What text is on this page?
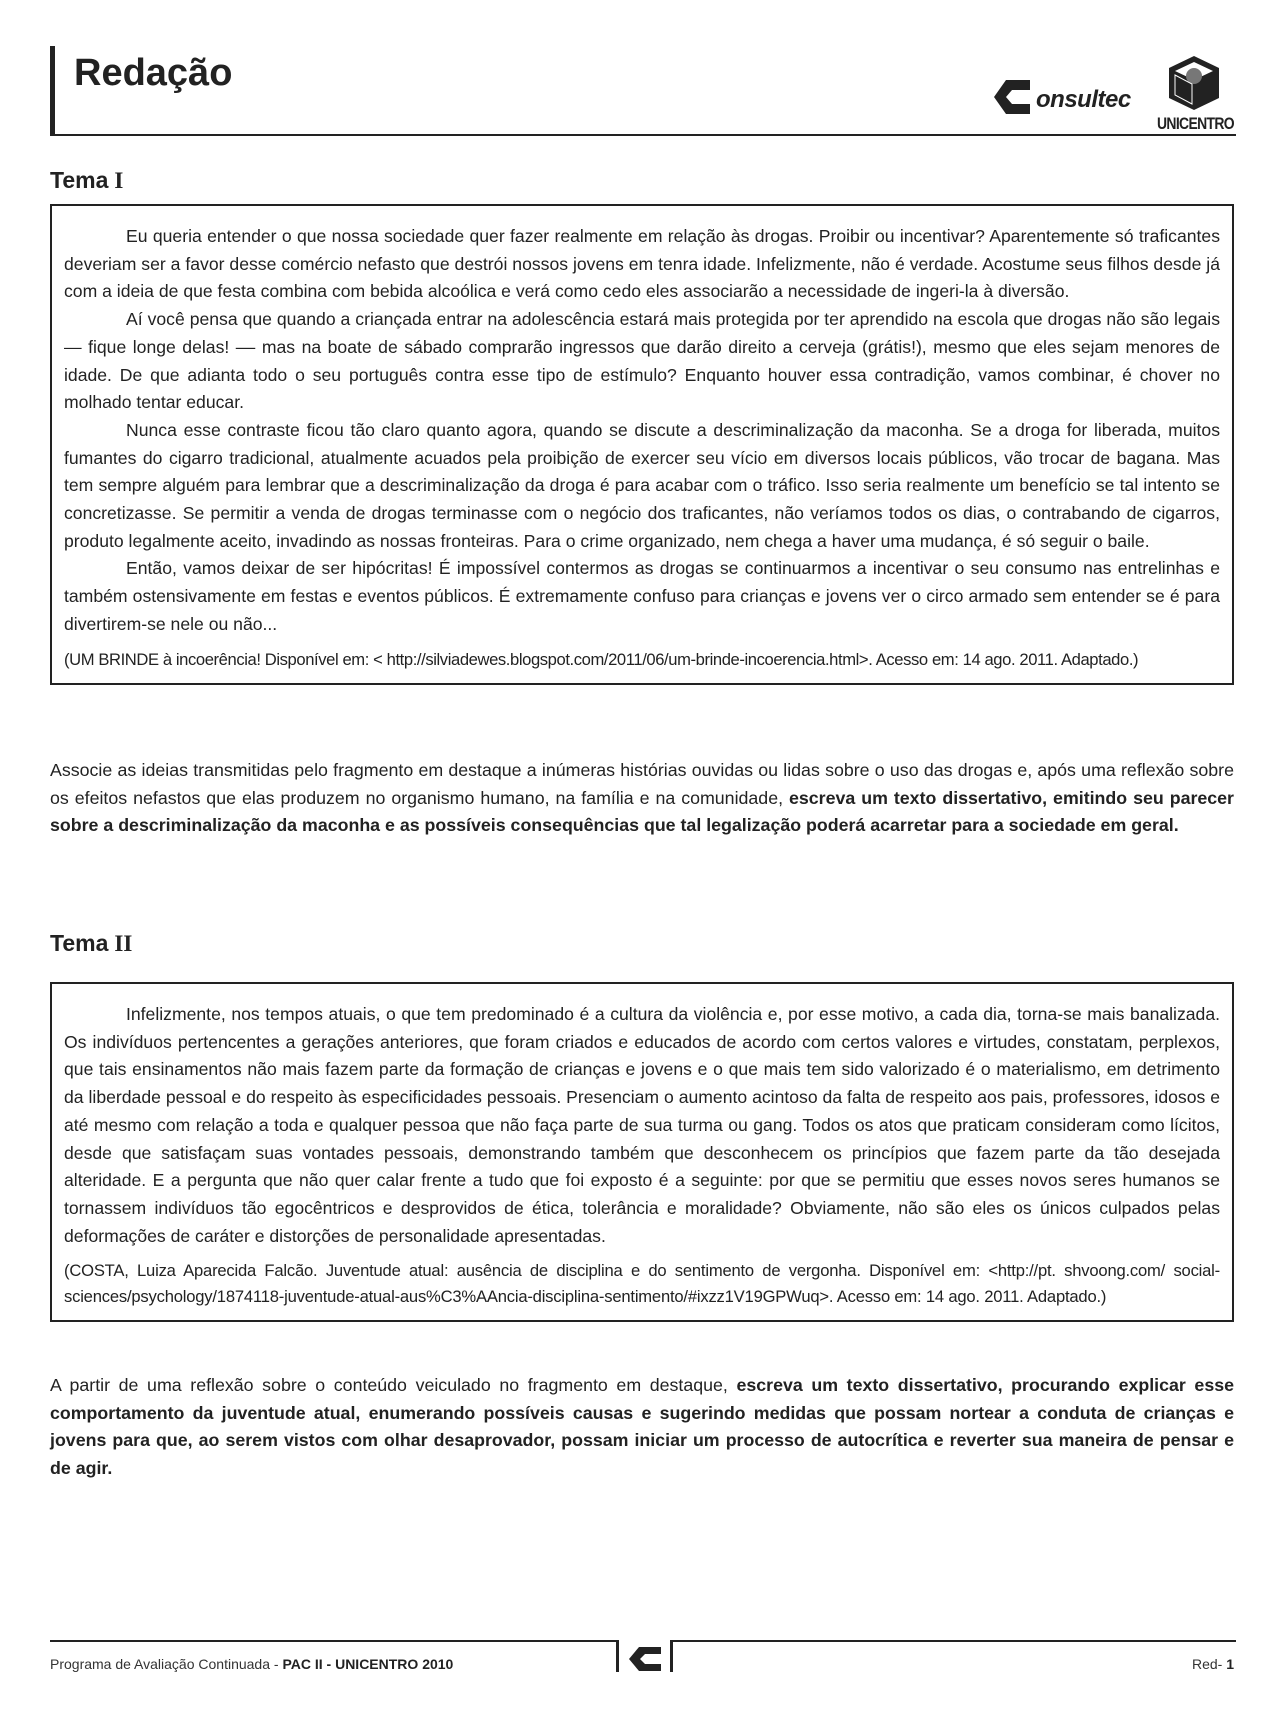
Redação
onsultec
UNICENTRO
Tema I

Eu queria entender o que nossa sociedade quer fazer realmente em relação às drogas. Proibir ou incentivar? Aparentemente só traficantes deveriam ser a favor desse comércio nefasto que destrói nossos jovens em tenra idade. Infelizmente, não é verdade. Acostume seus filhos desde já com a ideia de que festa combina com bebida alcoólica e verá como cedo eles associarão a necessidade de ingeri-la à diversão.

Aí você pensa que quando a criançada entrar na adolescência estará mais protegida por ter aprendido na escola que drogas não são legais — fique longe delas! –– mas na boate de sábado comprarão ingressos que darão direito a cerveja (grátis!), mesmo que eles sejam menores de idade. De que adianta todo o seu português contra esse tipo de estímulo? Enquanto houver essa contradição, vamos combinar, é chover no molhado tentar educar.

Nunca esse contraste ficou tão claro quanto agora, quando se discute a descriminalização da maconha. Se a droga for liberada, muitos fumantes do cigarro tradicional, atualmente acuados pela proibição de exercer seu vício em diversos locais públicos, vão trocar de bagana. Mas tem sempre alguém para lembrar que a descriminalização da droga é para acabar com o tráfico. Isso seria realmente um benefício se tal intento se concretizasse. Se permitir a venda de drogas terminasse com o negócio dos traficantes, não veríamos todos os dias, o contrabando de cigarros, produto legalmente aceito, invadindo as nossas fronteiras. Para o crime organizado, nem chega a haver uma mudança, é só seguir o baile.

Então, vamos deixar de ser hipócritas! É impossível contermos as drogas se continuarmos a incentivar o seu consumo nas entrelinhas e também ostensivamente em festas e eventos públicos. É extremamente confuso para crianças e jovens ver o circo armado sem entender se é para divertirem-se nele ou não...

(UM BRINDE à incoerência! Disponível em: < http://silviadewes.blogspot.com/2011/06/um-brinde-incoerencia.html>. Acesso em: 14 ago. 2011. Adaptado.)

Associe as ideias transmitidas pelo fragmento em destaque a inúmeras histórias ouvidas ou lidas sobre o uso das drogas e, após uma reflexão sobre os efeitos nefastos que elas produzem no organismo humano, na família e na comunidade, escreva um texto dissertativo, emitindo seu parecer sobre a descriminalização da maconha e as possíveis consequências que tal legalização poderá acarretar para a sociedade em geral.

Tema II

Infelizmente, nos tempos atuais, o que tem predominado é a cultura da violência e, por esse motivo, a cada dia, torna-se mais banalizada. Os indivíduos pertencentes a gerações anteriores, que foram criados e educados de acordo com certos valores e virtudes, constatam, perplexos, que tais ensinamentos não mais fazem parte da formação de crianças e jovens e o que mais tem sido valorizado é o materialismo, em detrimento da liberdade pessoal e do respeito às especificidades pessoais. Presenciam o aumento acintoso da falta de respeito aos pais, professores, idosos e até mesmo com relação a toda e qualquer pessoa que não faça parte de sua turma ou gang. Todos os atos que praticam consideram como lícitos, desde que satisfaçam suas vontades pessoais, demonstrando também que desconhecem os princípios que fazem parte da tão desejada alteridade. E a pergunta que não quer calar frente a tudo que foi exposto é a seguinte: por que se permitiu que esses novos seres humanos se tornassem indivíduos tão egocêntricos e desprovidos de ética, tolerância e moralidade? Obviamente, não são eles os únicos culpados pelas deformações de caráter e distorções de personalidade apresentadas.

(COSTA, Luiza Aparecida Falcão. Juventude atual: ausência de disciplina e do sentimento de vergonha. Disponível em: <http://pt. shvoong.com/ social-sciences/psychology/1874118-juventude-atual-aus%C3%AAncia-disciplina-sentimento/#ixzz1V19GPWuq>. Acesso em: 14 ago. 2011. Adaptado.)

A partir de uma reflexão sobre o conteúdo veiculado no fragmento em destaque, escreva um texto dissertativo, procurando explicar esse comportamento da juventude atual, enumerando possíveis causas e sugerindo medidas que possam nortear a conduta de crianças e jovens para que, ao serem vistos com olhar desaprovador, possam iniciar um processo de autocrítica e reverter sua maneira de pensar e de agir.

Programa de Avaliação Continuada - PAC II - UNICENTRO 2010	Red- 1
